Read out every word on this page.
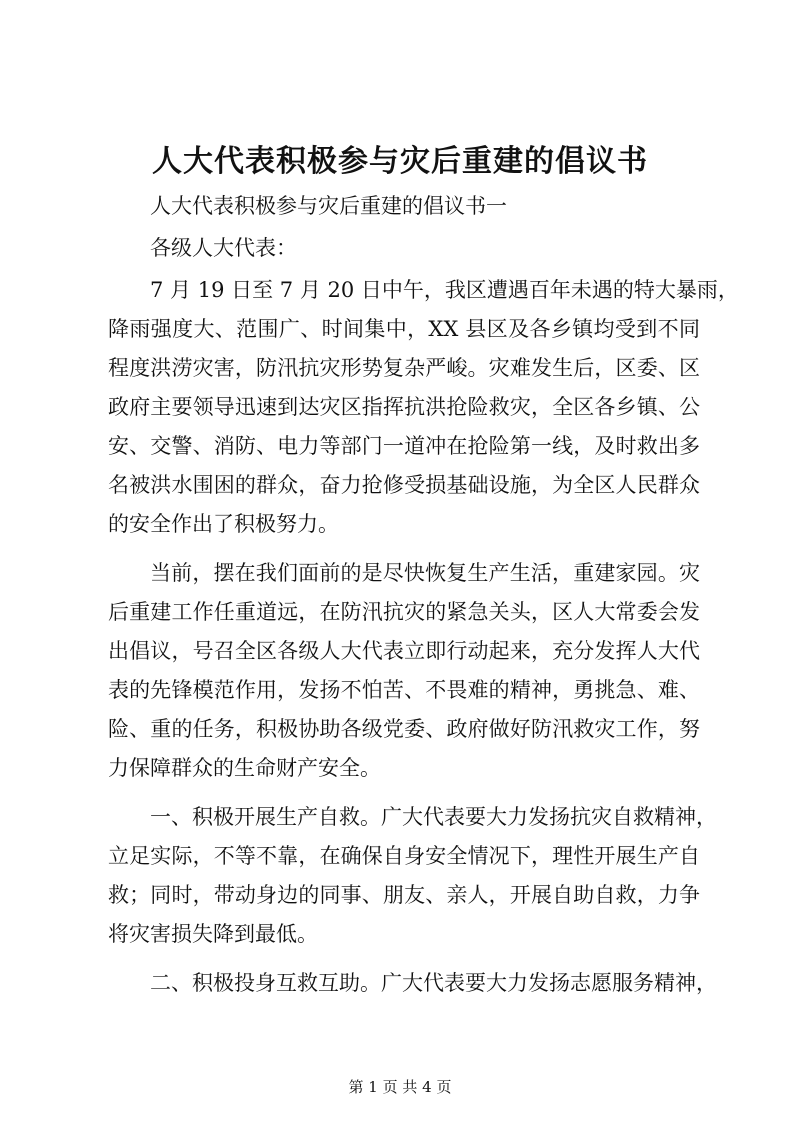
人大代表积极参与灾后重建的倡议书
人大代表积极参与灾后重建的倡议书一
各级人大代表：
7 月 19 日至 7 月 20 日中午，我区遭遇百年未遇的特大暴雨，
降雨强度大、范围广、时间集中，XX 县区及各乡镇均受到不同
程度洪涝灾害，防汛抗灾形势复杂严峻。灾难发生后，区委、区
政府主要领导迅速到达灾区指挥抗洪抢险救灾，全区各乡镇、公
安、交警、消防、电力等部门一道冲在抢险第一线，及时救出多
名被洪水围困的群众，奋力抢修受损基础设施，为全区人民群众
的安全作出了积极努力。
当前，摆在我们面前的是尽快恢复生产生活，重建家园。灾
后重建工作任重道远，在防汛抗灾的紧急关头，区人大常委会发
出倡议，号召全区各级人大代表立即行动起来，充分发挥人大代
表的先锋模范作用，发扬不怕苦、不畏难的精神，勇挑急、难、
险、重的任务，积极协助各级党委、政府做好防汛救灾工作，努
力保障群众的生命财产安全。
一、积极开展生产自救。广大代表要大力发扬抗灾自救精神，
立足实际，不等不靠，在确保自身安全情况下，理性开展生产自
救；同时，带动身边的同事、朋友、亲人，开展自助自救，力争
将灾害损失降到最低。
二、积极投身互救互助。广大代表要大力发扬志愿服务精神，
第 1 页 共 4 页
